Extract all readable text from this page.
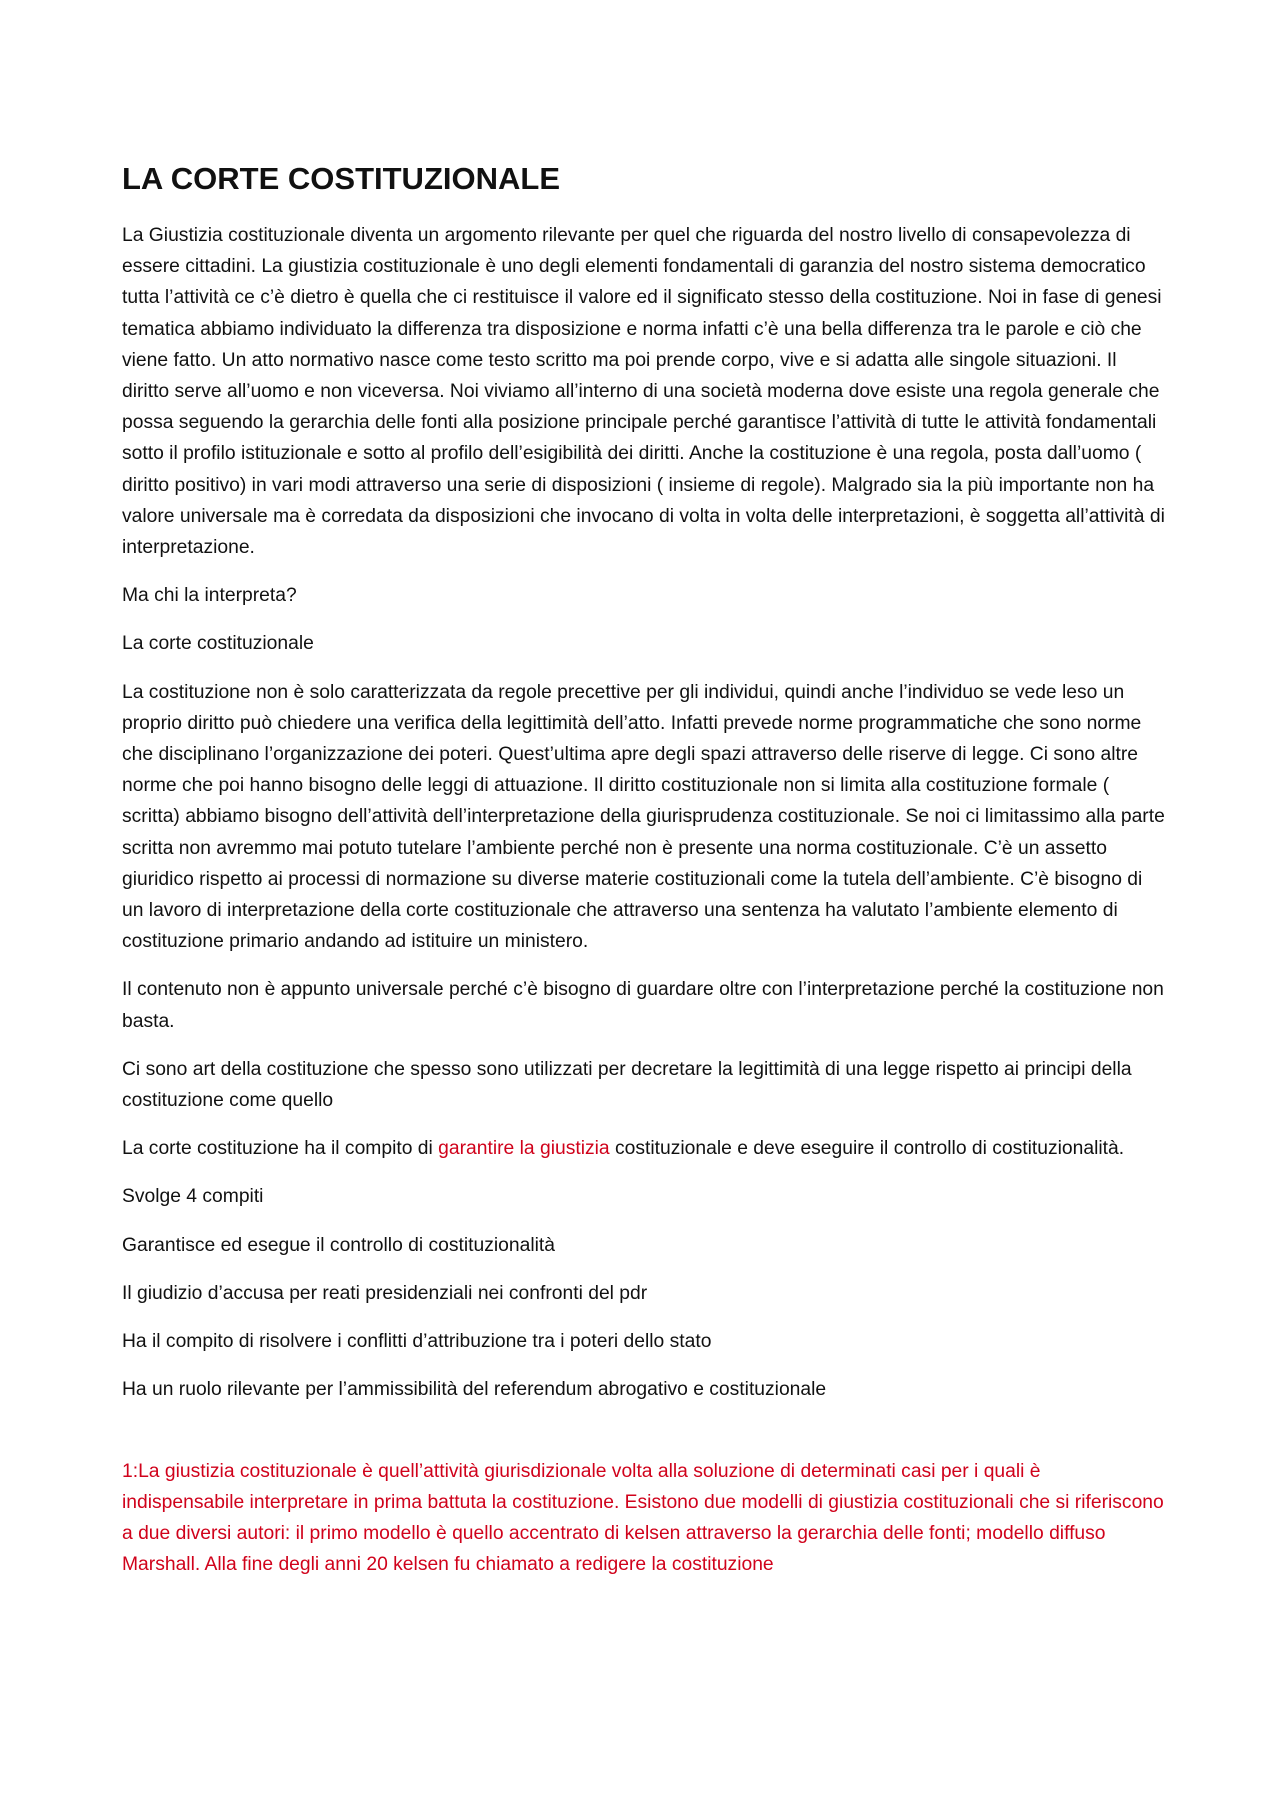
LA CORTE COSTITUZIONALE

La Giustizia costituzionale diventa un argomento rilevante per quel che riguarda del nostro livello di consapevolezza di essere cittadini. La giustizia costituzionale è uno degli elementi fondamentali di garanzia del nostro sistema democratico tutta l’attività ce c’è dietro è quella che ci restituisce il valore ed il significato stesso della costituzione. Noi in fase di genesi tematica abbiamo individuato la differenza tra disposizione e norma infatti c’è una bella differenza tra le parole e ciò che viene fatto. Un atto normativo nasce come testo scritto ma poi prende corpo, vive e si adatta alle singole situazioni. Il diritto serve all’uomo e non viceversa. Noi viviamo all’interno di una società moderna dove esiste una regola generale che possa seguendo la gerarchia delle fonti alla posizione principale perché garantisce l’attività di tutte le attività fondamentali sotto il profilo istituzionale e sotto al profilo dell’esigibilità dei diritti. Anche la costituzione è una regola, posta dall’uomo ( diritto positivo) in vari modi attraverso una serie di disposizioni ( insieme di regole). Malgrado sia la più importante non ha valore universale ma è corredata da disposizioni che invocano di volta in volta delle interpretazioni, è soggetta all’attività di interpretazione.

Ma chi la interpreta?

La corte costituzionale

La costituzione non è solo caratterizzata da regole precettive per gli individui, quindi anche l’individuo se vede leso un proprio diritto può chiedere una verifica della legittimità dell’atto. Infatti prevede norme programmatiche che sono norme che disciplinano l’organizzazione dei poteri. Quest’ultima apre degli spazi attraverso delle riserve di legge. Ci sono altre norme che poi hanno bisogno delle leggi di attuazione. Il diritto costituzionale non si limita alla costituzione formale ( scritta) abbiamo bisogno dell’attività dell’interpretazione della giurisprudenza costituzionale. Se noi ci limitassimo alla parte scritta non avremmo mai potuto tutelare l’ambiente perché non è presente una norma costituzionale. C’è un assetto giuridico rispetto ai processi di normazione su diverse materie costituzionali come la tutela dell’ambiente. C’è bisogno di un lavoro di interpretazione della corte costituzionale che attraverso una sentenza ha valutato l’ambiente elemento di costituzione primario andando ad istituire un ministero.

Il contenuto non è appunto universale perché c’è bisogno di guardare oltre con l’interpretazione perché la costituzione non basta.

Ci sono art della costituzione che spesso sono utilizzati per decretare la legittimità di una legge rispetto ai principi della costituzione come quello

La corte costituzione ha il compito di garantire la giustizia costituzionale e deve eseguire il controllo di costituzionalità.

Svolge 4 compiti

Garantisce ed esegue il controllo di costituzionalità

Il giudizio d’accusa per reati presidenziali nei confronti del pdr

Ha il compito di risolvere i conflitti d’attribuzione tra i poteri dello stato

Ha un ruolo rilevante per l’ammissibilità del referendum abrogativo e costituzionale

1:La giustizia costituzionale è quell’attività giurisdizionale volta alla soluzione di determinati casi per i quali è indispensabile interpretare in prima battuta la costituzione. Esistono due modelli di giustizia costituzionali che si riferiscono a due diversi autori: il primo modello è quello accentrato di kelsen attraverso la gerarchia delle fonti; modello diffuso Marshall. Alla fine degli anni 20 kelsen fu chiamato a redigere la costituzione
